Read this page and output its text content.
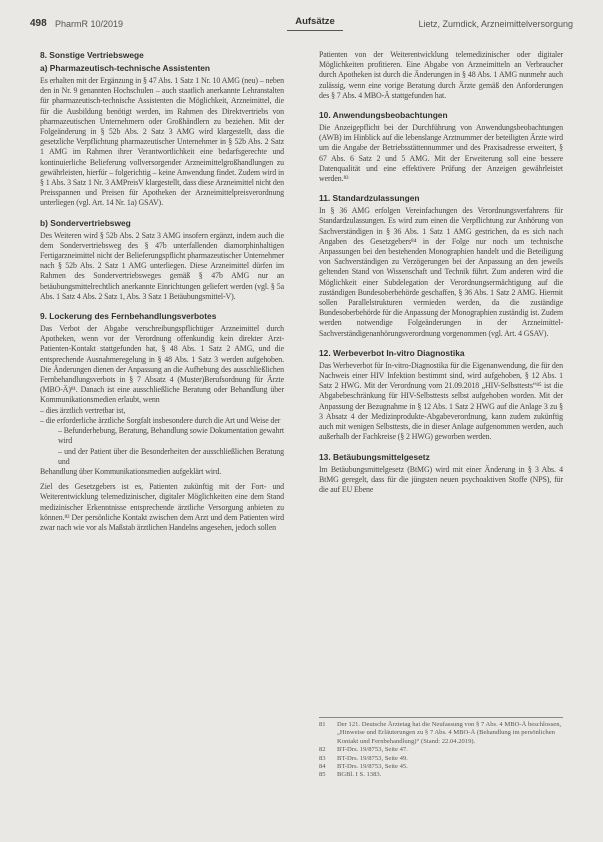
498 PharmR 10/2019	Aufsätze	Lietz, Zumdick, Arzneimittelversorgung
8. Sonstige Vertriebswege
a) Pharmazeutisch-technische Assistenten

Es erhalten mit der Ergänzung in § 47 Abs. 1 Satz 1 Nr. 10 AMG (neu) – neben den in Nr. 9 genannten Hochschulen – auch staatlich anerkannte Lehranstalten für pharmazeutisch-technische Assistenten die Möglichkeit, Arzneimittel, die für die Ausbildung benötigt werden, im Rahmen des Direktvertriebs von pharmazeutischen Unternehmern oder Großhändlern zu beziehen. Mit der Folgeänderung in § 52b Abs. 2 Satz 3 AMG wird klargestellt, dass die gesetzliche Verpflichtung pharmazeutischer Unternehmer in § 52b Abs. 2 Satz 1 AMG im Rahmen ihrer Verantwortlichkeit eine bedarfsgerechte und kontinuierliche Belieferung vollversorgender Arzneimittelgroßhandlungen zu gewährleisten, hierfür – folgerichtig – keine Anwendung findet. Zudem wird in § 1 Abs. 3 Satz 1 Nr. 3 AMPreisV klargestellt, dass diese Arzneimittel nicht den Preisspannen und Preisen für Apotheken der Arzneimittelpreisverordnung unterliegen (vgl. Art. 14 Nr. 1a) GSAV).

b) Sondervertriebsweg

Des Weiteren wird § 52b Abs. 2 Satz 3 AMG insofern ergänzt, indem auch die dem Sondervertriebsweg des § 47b unterfallenden diamorphinhaltigen Fertigarzneimittel nicht der Belieferungspflicht pharmazeutischer Unternehmer nach § 52b Abs. 2 Satz 1 AMG unterliegen. Diese Arzneimittel dürfen im Rahmen des Sondervertriebsweges gemäß § 47b AMG nur an betäubungsmittelrechtlich anerkannte Einrichtungen geliefert werden (vgl. § 5a Abs. 1 Satz 4 Abs. 2 Satz 1, Abs. 3 Satz 1 Betäubungsmittel-V).

9. Lockerung des Fernbehandlungsverbotes

Das Verbot der Abgabe verschreibungspflichtiger Arzneimittel durch Apotheken, wenn vor der Verordnung offenkundig kein direkter Arzt-Patienten-Kontakt stattgefunden hat, § 48 Abs. 1 Satz 2 AMG, und die entsprechende Ausnahmeregelung in § 48 Abs. 1 Satz 3 werden aufgehoben. Die Änderungen dienen der Anpassung an die Aufhebung des ausschließlichen Fernbehandlungsverbots in § 7 Absatz 4 (Muster)Berufsordnung für Ärzte (MBO-Ä)⁸¹. Danach ist eine ausschließliche Beratung oder Behandlung über Kommunikationsmedien erlaubt, wenn

– dies ärztlich vertretbar ist,

– die erforderliche ärztliche Sorgfalt insbesondere durch die Art und Weise der

– Befunderhebung, Beratung, Behandlung sowie Dokumentation gewahrt wird

– und der Patient über die Besonderheiten der ausschließlichen Beratung und

Behandlung über Kommunikationsmedien aufgeklärt wird.

Ziel des Gesetzgebers ist es, Patienten zukünftig mit der Fort- und Weiterentwicklung telemedizinischer, digitaler Möglichkeiten eine dem Stand medizinischer Erkenntnisse entsprechende ärztliche Versorgung anbieten zu können.⁸² Der persönliche Kontakt zwischen dem Arzt und dem Patienten wird zwar nach wie vor als Maßstab ärztlichen Handelns angesehen, jedoch sollen

Patienten von der Weiterentwicklung telemedizinischer oder digitaler Möglichkeiten profitieren. Eine Abgabe von Arzneimitteln an Verbraucher durch Apotheken ist durch die Änderungen in § 48 Abs. 1 AMG nunmehr auch zulässig, wenn eine vorige Beratung durch Ärzte gemäß den Anforderungen des § 7 Abs. 4 MBO-Ä stattgefunden hat.

10. Anwendungsbeobachtungen

Die Anzeigepflicht bei der Durchführung von Anwendungsbeobachtungen (AWB) im Hinblick auf die lebenslange Arztnummer der beteiligten Ärzte wird um die Angabe der Betriebsstättennummer und des Praxisadresse erweitert, § 67 Abs. 6 Satz 2 und 5 AMG. Mit der Erweiterung soll eine bessere Datenqualität und eine effektivere Prüfung der Anzeigen gewährleistet werden.⁸³

11. Standardzulassungen

In § 36 AMG erfolgen Vereinfachungen des Verordnungsverfahrens für Standardzulassungen. Es wird zum einen die Verpflichtung zur Anhörung von Sachverständigen in § 36 Abs. 1 Satz 1 AMG gestrichen, da es sich nach Angaben des Gesetzgebers⁸⁴ in der Folge nur noch um technische Anpassungen bei den bestehenden Monographien handelt und die Beteiligung von Sachverständigen zu Verzögerungen bei der Anpassung an den jeweils geltenden Stand von Wissenschaft und Technik führt. Zum anderen wird die Möglichkeit einer Subdelegation der Verordnungsermächtigung auf die zuständigen Bundesoberbehörde geschaffen, § 36 Abs. 1 Satz 2 AMG. Hiermit sollen Parallelstrukturen vermieden werden, da die zuständige Bundesoberbehörde für die Anpassung der Monographien zuständig ist. Zudem werden notwendige Folgeänderungen in der Arzneimittel-Sachverständigenanhörungsverordnung vorgenommen (vgl. Art. 4 GSAV).

12. Werbeverbot In-vitro Diagnostika

Das Werbeverbot für In-vitro-Diagnostika für die Eigenanwendung, die für den Nachweis einer HIV Infektion bestimmt sind, wird aufgehoben, § 12 Abs. 1 Satz 2 HWG. Mit der Verordnung vom 21.09.2018 „HIV-Selbsttests“⁸⁵ ist die Abgabebeschränkung für HIV-Selbsttests selbst aufgehoben worden. Mit der Anpassung der Bezugnahme in § 12 Abs. 1 Satz 2 HWG auf die Anlage 3 zu § 3 Absatz 4 der Medizinprodukte-Abgabeverordnung, kann zudem zukünftig auch mit wenigen Selbsttests, die in dieser Anlage aufgenommen werden, auch außerhalb der Fachkreise (§ 2 HWG) geworben werden.

13. Betäubungsmittelgesetz

Im Betäubungsmittelgesetz (BtMG) wird mit einer Änderung in § 3 Abs. 4 BtMG geregelt, dass für die jüngsten neuen psychoaktiven Stoffe (NPS), für die auf EU Ebene

81	Der 121. Deutsche Ärztetag hat die Neufassung von § 7 Abs. 4 MBO-Ä beschlossen, „Hinweise und Erläuterungen zu § 7 Abs. 4 MBO-Ä (Behandlung im persönlichen Kontakt und Fernbehandlung)“ (Stand: 22.04.2019).
82	BT-Drs. 19/8753, Seite 47.
83	BT-Drs. 19/8753, Seite 49.
84	BT-Drs. 19/8753, Seite 45.
85	BGBl. I S. 1383.
